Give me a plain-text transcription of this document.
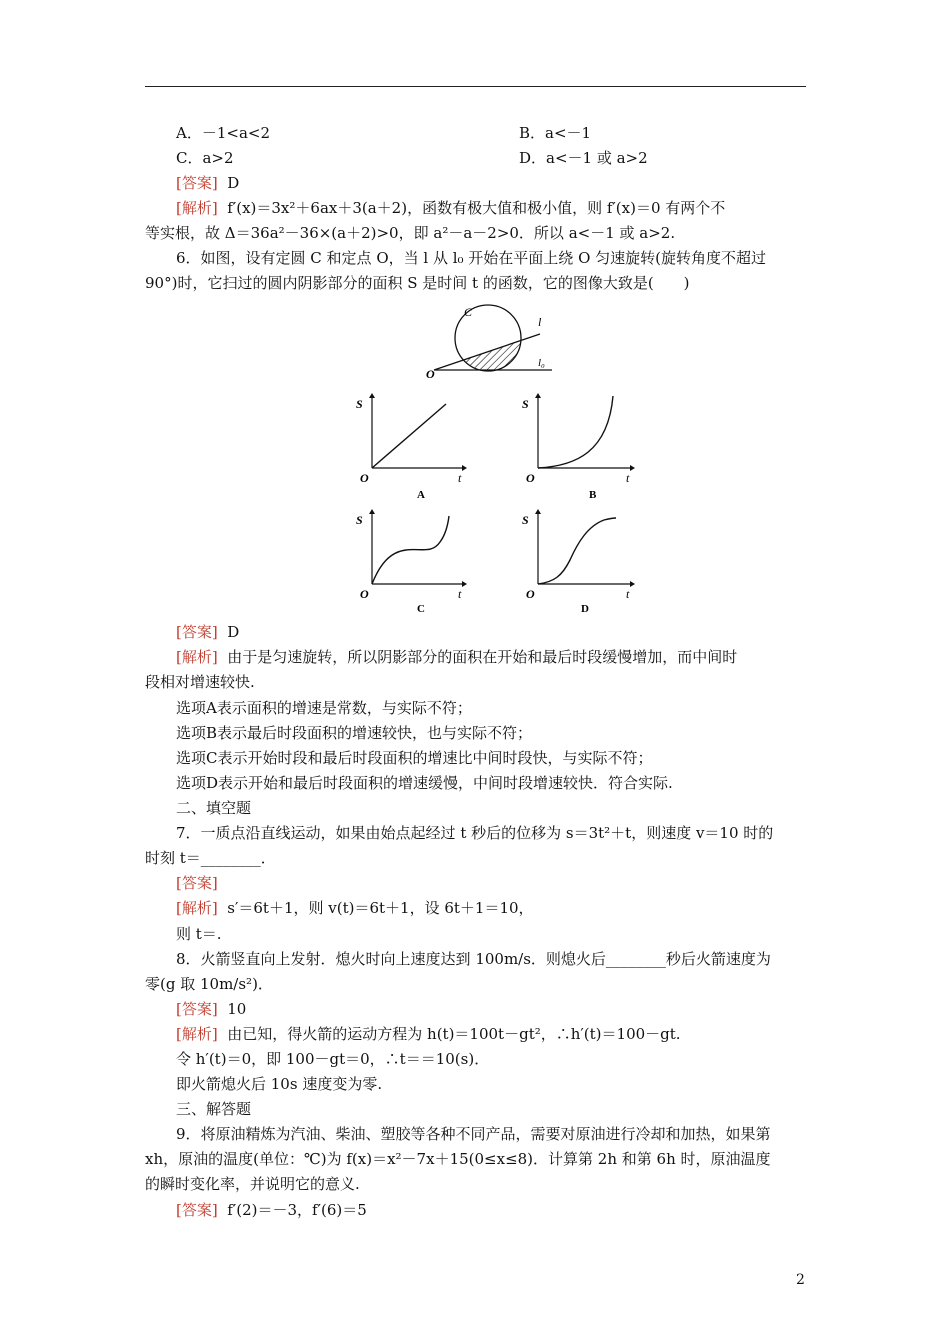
A．－1<a<2	B．a<－1
C．a>2	D．a<－1 或 a>2
[答案] D
[解析] f′(x)＝3x²＋6ax＋3(a＋2)，函数有极大值和极小值，则 f′(x)＝0 有两个不
等实根，故 Δ＝36a²－36×(a＋2)>0，即 a²－a－2>0．所以 a<－1 或 a>2.
6．如图，设有定圆 C 和定点 O，当 l 从 l₀ 开始在平面上绕 O 匀速旋转(旋转角度不超过
90°)时，它扫过的圆内阴影部分的面积 S 是时间 t 的函数，它的图像大致是(　　)
C
l
l₀
O
S
t
O
A
S
t
O
B
S
t
O
C
S
t
O
D
[答案] D
[解析] 由于是匀速旋转，所以阴影部分的面积在开始和最后时段缓慢增加，而中间时
段相对增速较快.
选项A表示面积的增速是常数，与实际不符；
选项B表示最后时段面积的增速较快，也与实际不符；
选项C表示开始时段和最后时段面积的增速比中间时段快，与实际不符；
选项D表示开始和最后时段面积的增速缓慢，中间时段增速较快．符合实际.
二、填空题
7．一质点沿直线运动，如果由始点起经过 t 秒后的位移为 s＝3t²＋t，则速度 v＝10 时的
时刻 t＝________．
[答案]
[解析] s′＝6t＋1，则 v(t)＝6t＋1，设 6t＋1＝10，
则 t＝.
8．火箭竖直向上发射．熄火时向上速度达到 100m/s．则熄火后________秒后火箭速度为
零(g 取 10m/s²)．
[答案] 10
[解析] 由已知，得火箭的运动方程为 h(t)＝100t－gt²，∴h′(t)＝100－gt.
令 h′(t)＝0，即 100－gt＝0，∴t＝＝10(s)．
即火箭熄火后 10s 速度变为零.
三、解答题
9．将原油精炼为汽油、柴油、塑胶等各种不同产品，需要对原油进行冷却和加热，如果第
xh，原油的温度(单位：℃)为 f(x)＝x²－7x＋15(0≤x≤8)．计算第 2h 和第 6h 时，原油温度
的瞬时变化率，并说明它的意义.
[答案] f′(2)＝－3，f′(6)＝5
2
